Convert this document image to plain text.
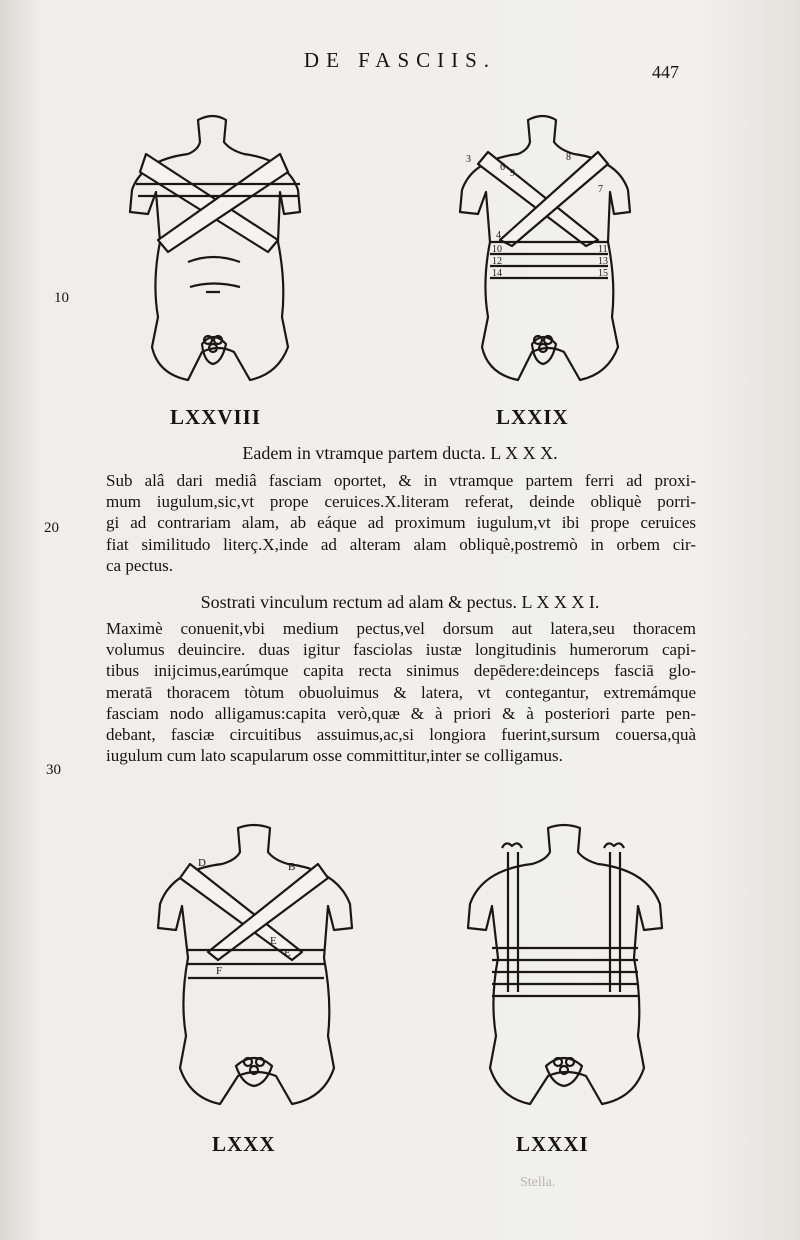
DE FASCIIS.	447
LXXVIII
3
6
9
7
8
4
10	11
12	13
14	15
LXXIX
10
Eadem in vtramque partem ducta. L X X X.
Sub alâ dari mediâ fasciam oportet, & in vtramque partem ferri ad proxi-
mum iugulum,sic,vt prope ceruices.X.literam referat, deinde obliquè porri-
gi ad contrariam alam, ab eáque ad proximum iugulum,vt ibi prope ceruices
fiat similitudo literç.X,inde ad alteram alam obliquè,postremò in orbem cir-
ca pectus.
20
Sostrati vinculum rectum ad alam & pectus. L X X X I.
Maximè conuenit,vbi medium pectus,vel dorsum aut latera,seu thoracem
volumus deuincire. duas igitur fasciolas iustæ longitudinis humerorum capi-
tibus inijcimus,earúmque capita recta sinimus depēdere:deinceps fasciā glo-
meratā thoracem tòtum obuoluimus & latera, vt contegantur, extremámque
fasciam nodo alligamus:capita verò,quæ & à priori & à posteriori parte pen-
debant, fasciæ circuitibus assuimus,ac,si longiora fuerint,sursum couersa,quà
iugulum cum lato scapularum osse committitur,inter se colligamus.
30
D	B
E
E
F
LXXX	LXXXI
Stella.
